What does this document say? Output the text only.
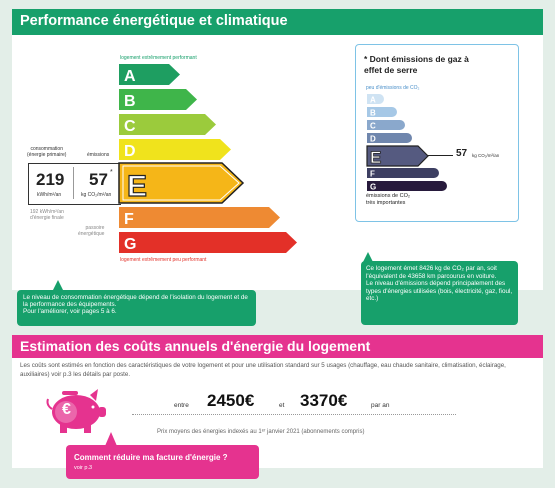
Performance énergétique et climatique
logement extrêmement performant
A
B
C
D
F
G
logement extrêmement peu performant
consommation
(énergie primaire)	émissions
219
kWh/m²/an
57 *
kg CO₂/m²/an E
192 kWh/m²/an
d'énergie finale
passoire
énergétique
* Dont émissions de gaz à effet de serre
peu d'émissions de CO₂
A
B
C
D
E
F
G
57 kg CO₂/m²/an
émissions de CO₂
très importantes
Le niveau de consommation énergétique dépend de l'isolation du logement et de la performance des équipements.
Pour l'améliorer, voir pages 5 à 6.
Ce logement émet 8426 kg de CO₂ par an, soit l'équivalent de 43658 km parcourus en voiture.
Le niveau d'émissions dépend principalement des types d'énergies utilisées (bois, électricité, gaz, fioul, etc.)
Estimation des coûts annuels d'énergie du logement
Les coûts sont estimés en fonction des caractéristiques de votre logement et pour une utilisation standard sur 5 usages (chauffage, eau chaude sanitaire, climatisation, éclairage, auxiliaires) voir p.3 les détails par poste.
€	entre 2450€	et 3370€	par an
Prix moyens des énergies indexés au 1ᵉʳ janvier 2021 (abonnements compris)
Comment réduire ma facture d'énergie ?
voir p.3
